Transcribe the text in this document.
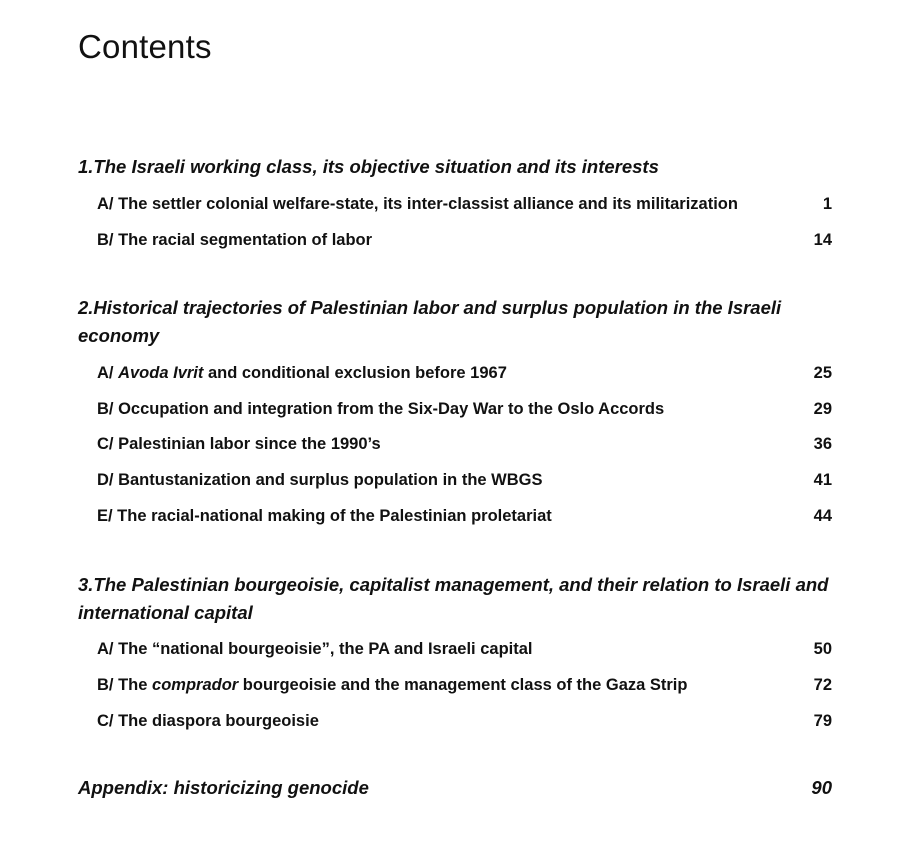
Contents
1.The Israeli working class, its objective situation and its interests
A/ The settler colonial welfare-state, its inter-classist alliance and its militarization	1
B/ The racial segmentation of labor	14
2.Historical trajectories of Palestinian labor and surplus population in the Israeli economy
A/ Avoda Ivrit and conditional exclusion before 1967	25
B/ Occupation and integration from the Six-Day War to the Oslo Accords	29
C/ Palestinian labor since the 1990’s	36
D/ Bantustanization and surplus population in the WBGS	41
E/ The racial-national making of the Palestinian proletariat	44
3.The Palestinian bourgeoisie, capitalist management, and their relation to Israeli and international capital
A/ The “national bourgeoisie”, the PA and Israeli capital	50
B/ The comprador bourgeoisie and the management class of the Gaza Strip	72
C/ The diaspora bourgeoisie	79
Appendix: historicizing genocide	90
